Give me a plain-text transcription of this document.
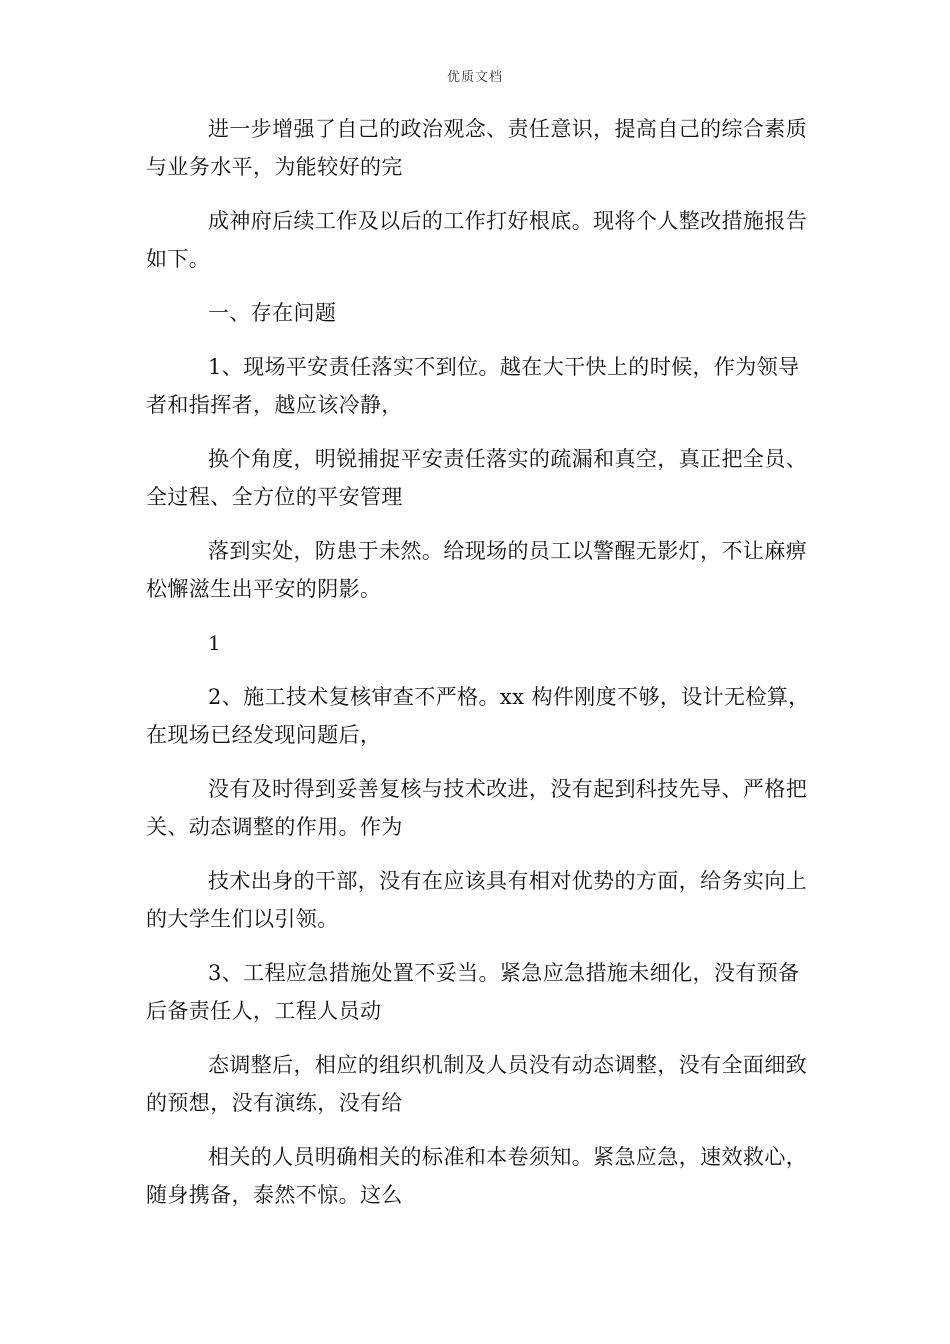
优质文档

进一步增强了自己的政治观念、责任意识，提高自己的综合素质与业务水平，为能较好的完

成神府后续工作及以后的工作打好根底。现将个人整改措施报告如下。

一、存在问题

1、现场平安责任落实不到位。越在大干快上的时候，作为领导者和指挥者，越应该冷静，

换个角度，明锐捕捉平安责任落实的疏漏和真空，真正把全员、全过程、全方位的平安管理

落到实处，防患于未然。给现场的员工以警醒无影灯，不让麻痹松懈滋生出平安的阴影。

1

2、施工技术复核审查不严格。xx 构件刚度不够，设计无检算，在现场已经发现问题后，

没有及时得到妥善复核与技术改进，没有起到科技先导、严格把关、动态调整的作用。作为

技术出身的干部，没有在应该具有相对优势的方面，给务实向上的大学生们以引领。

3、工程应急措施处置不妥当。紧急应急措施未细化，没有预备后备责任人，工程人员动

态调整后，相应的组织机制及人员没有动态调整，没有全面细致的预想，没有演练，没有给

相关的人员明确相关的标准和本卷须知。紧急应急，速效救心，随身携备，泰然不惊。这么
